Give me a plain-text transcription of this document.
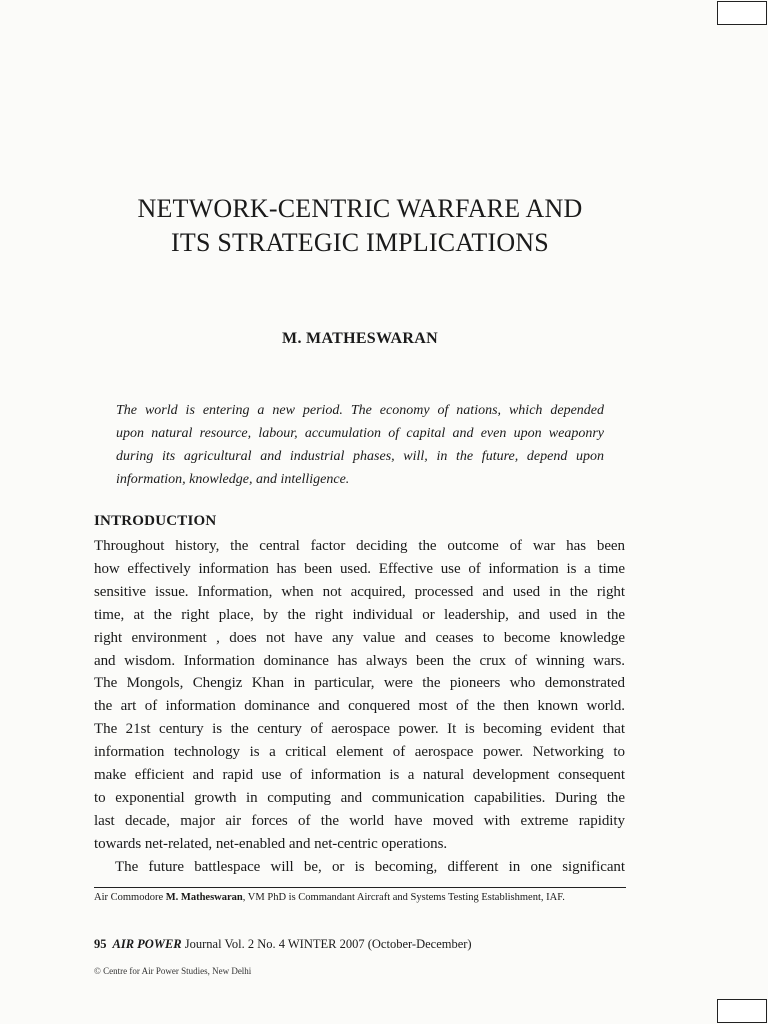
NETWORK-CENTRIC WARFARE AND
ITS STRATEGIC IMPLICATIONS
M. MATHESWARAN
The world is entering a new period. The economy of nations, which depended
upon natural resource, labour, accumulation of capital and even upon weaponry
during its agricultural and industrial phases, will, in the future, depend upon
information, knowledge, and intelligence.
INTRODUCTION
Throughout history, the central factor deciding the outcome of war has been
how effectively information has been used. Effective use of information is a time
sensitive issue. Information, when not acquired, processed and used in the right
time, at the right place, by the right individual or leadership, and used in the
right environment , does not have any value and ceases to become knowledge
and wisdom. Information dominance has always been the crux of winning wars.
The Mongols, Chengiz Khan in particular, were the pioneers who demonstrated
the art of information dominance and conquered most of the then known world.
The 21st century is the century of aerospace power. It is becoming evident that
information technology is a critical element of aerospace power. Networking to
make efficient and rapid use of information is a natural development consequent
to exponential growth in computing and communication capabilities. During the
last decade, major air forces of the world have moved with extreme rapidity
towards net-related, net-enabled and net-centric operations.
The future battlespace will be, or is becoming, different in one significant
Air Commodore M. Matheswaran, VM PhD is Commandant Aircraft and Systems Testing Establishment, IAF.
95 AIR POWER Journal Vol. 2 No. 4 WINTER 2007 (October-December)
© Centre for Air Power Studies, New Delhi
